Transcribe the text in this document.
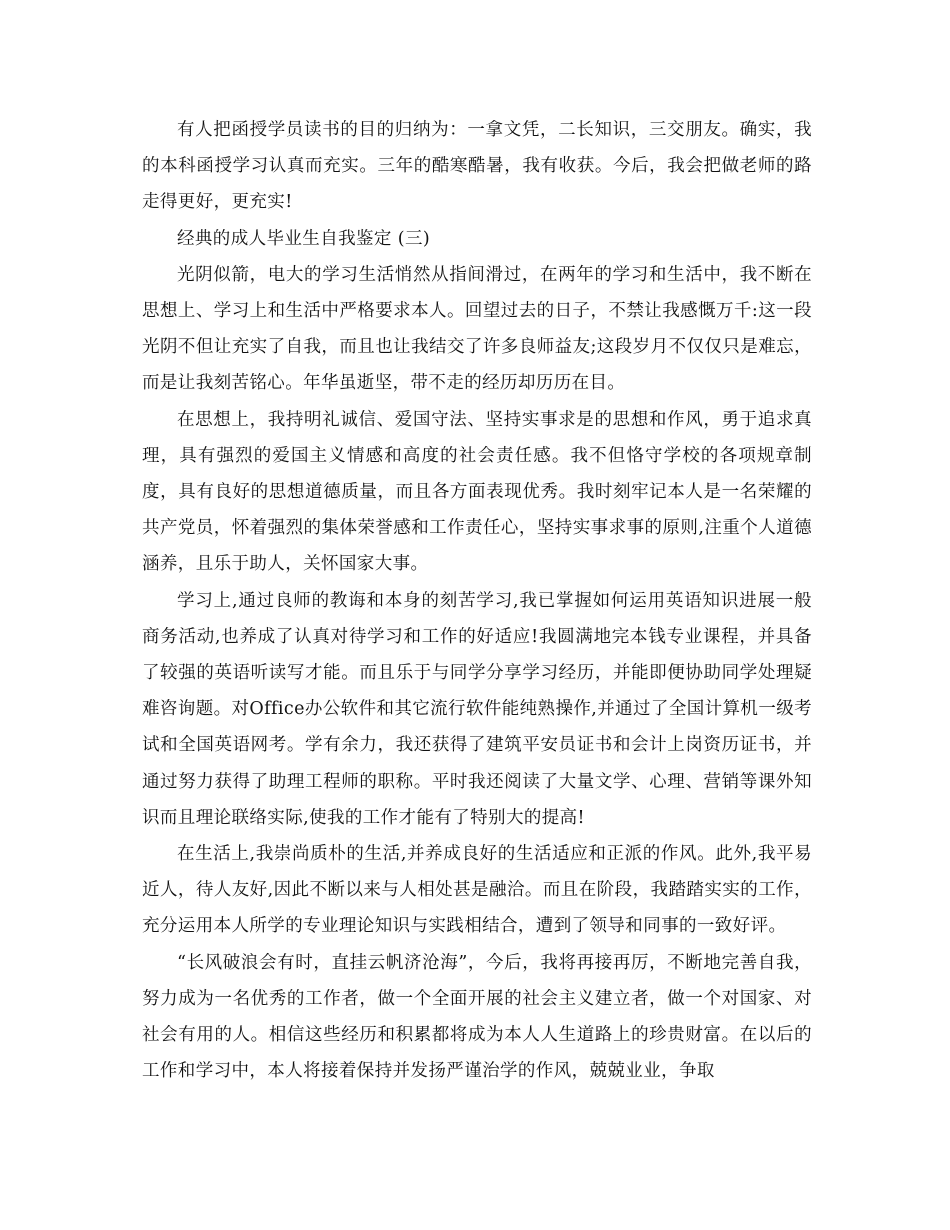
有人把函授学员读书的目的归纳为：一拿文凭，二长知识，三交朋友。确实，我的本科函授学习认真而充实。三年的酷寒酷暑，我有收获。今后，我会把做老师的路走得更好，更充实!

经典的成人毕业生自我鉴定 (三)

光阴似箭，电大的学习生活悄然从指间滑过，在两年的学习和生活中，我不断在思想上、学习上和生活中严格要求本人。回望过去的日子，不禁让我感慨万千:这一段光阴不但让充实了自我，而且也让我结交了许多良师益友;这段岁月不仅仅只是难忘，而是让我刻苦铭心。年华虽逝坚，带不走的经历却历历在目。

在思想上，我持明礼诚信、爱国守法、坚持实事求是的思想和作风，勇于追求真理，具有强烈的爱国主义情感和高度的社会责任感。我不但恪守学校的各项规章制度，具有良好的思想道德质量，而且各方面表现优秀。我时刻牢记本人是一名荣耀的共产党员，怀着强烈的集体荣誉感和工作责任心，坚持实事求事的原则,注重个人道德涵养，且乐于助人，关怀国家大事。

学习上,通过良师的教诲和本身的刻苦学习,我已掌握如何运用英语知识进展一般商务活动,也养成了认真对待学习和工作的好适应!我圆满地完本钱专业课程，并具备了较强的英语听读写才能。而且乐于与同学分享学习经历，并能即便协助同学处理疑难咨询题。对Office办公软件和其它流行软件能纯熟操作,并通过了全国计算机一级考试和全国英语网考。学有余力，我还获得了建筑平安员证书和会计上岗资历证书，并通过努力获得了助理工程师的职称。平时我还阅读了大量文学、心理、营销等课外知识而且理论联络实际,使我的工作才能有了特别大的提高!

在生活上,我崇尚质朴的生活,并养成良好的生活适应和正派的作风。此外,我平易近人，待人友好,因此不断以来与人相处甚是融洽。而且在阶段，我踏踏实实的工作，充分运用本人所学的专业理论知识与实践相结合，遭到了领导和同事的一致好评。

“长风破浪会有时，直挂云帆济沧海”，今后，我将再接再厉，不断地完善自我，努力成为一名优秀的工作者，做一个全面开展的社会主义建立者，做一个对国家、对社会有用的人。相信这些经历和积累都将成为本人人生道路上的珍贵财富。在以后的工作和学习中，本人将接着保持并发扬严谨治学的作风，兢兢业业，争取
